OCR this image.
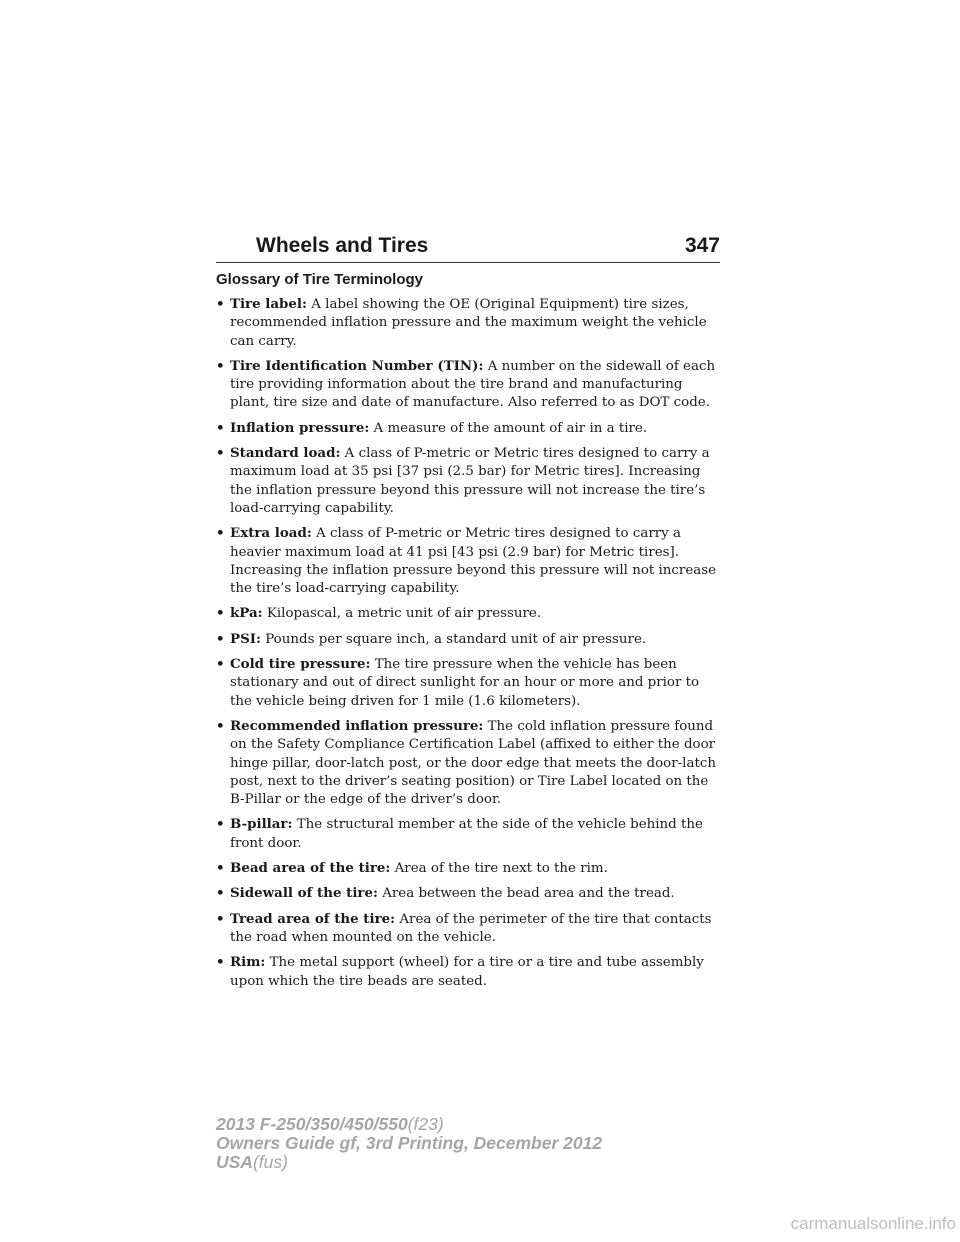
Wheels and Tires	347
Glossary of Tire Terminology
• Tire label: A label showing the OE (Original Equipment) tire sizes, recommended inflation pressure and the maximum weight the vehicle can carry.
• Tire Identification Number (TIN): A number on the sidewall of each tire providing information about the tire brand and manufacturing plant, tire size and date of manufacture. Also referred to as DOT code.
• Inflation pressure: A measure of the amount of air in a tire.
• Standard load: A class of P-metric or Metric tires designed to carry a maximum load at 35 psi [37 psi (2.5 bar) for Metric tires]. Increasing the inflation pressure beyond this pressure will not increase the tire’s load-carrying capability.
• Extra load: A class of P-metric or Metric tires designed to carry a heavier maximum load at 41 psi [43 psi (2.9 bar) for Metric tires]. Increasing the inflation pressure beyond this pressure will not increase the tire’s load-carrying capability.
• kPa: Kilopascal, a metric unit of air pressure.
• PSI: Pounds per square inch, a standard unit of air pressure.
• Cold tire pressure: The tire pressure when the vehicle has been stationary and out of direct sunlight for an hour or more and prior to the vehicle being driven for 1 mile (1.6 kilometers).
• Recommended inflation pressure: The cold inflation pressure found on the Safety Compliance Certification Label (affixed to either the door hinge pillar, door-latch post, or the door edge that meets the door-latch post, next to the driver’s seating position) or Tire Label located on the B-Pillar or the edge of the driver’s door.
• B-pillar: The structural member at the side of the vehicle behind the front door.
• Bead area of the tire: Area of the tire next to the rim.
• Sidewall of the tire: Area between the bead area and the tread.
• Tread area of the tire: Area of the perimeter of the tire that contacts the road when mounted on the vehicle.
• Rim: The metal support (wheel) for a tire or a tire and tube assembly upon which the tire beads are seated.
2013 F-250/350/450/550(f23)
Owners Guide gf, 3rd Printing, December 2012
USA(fus)
carmanualsonline.info
